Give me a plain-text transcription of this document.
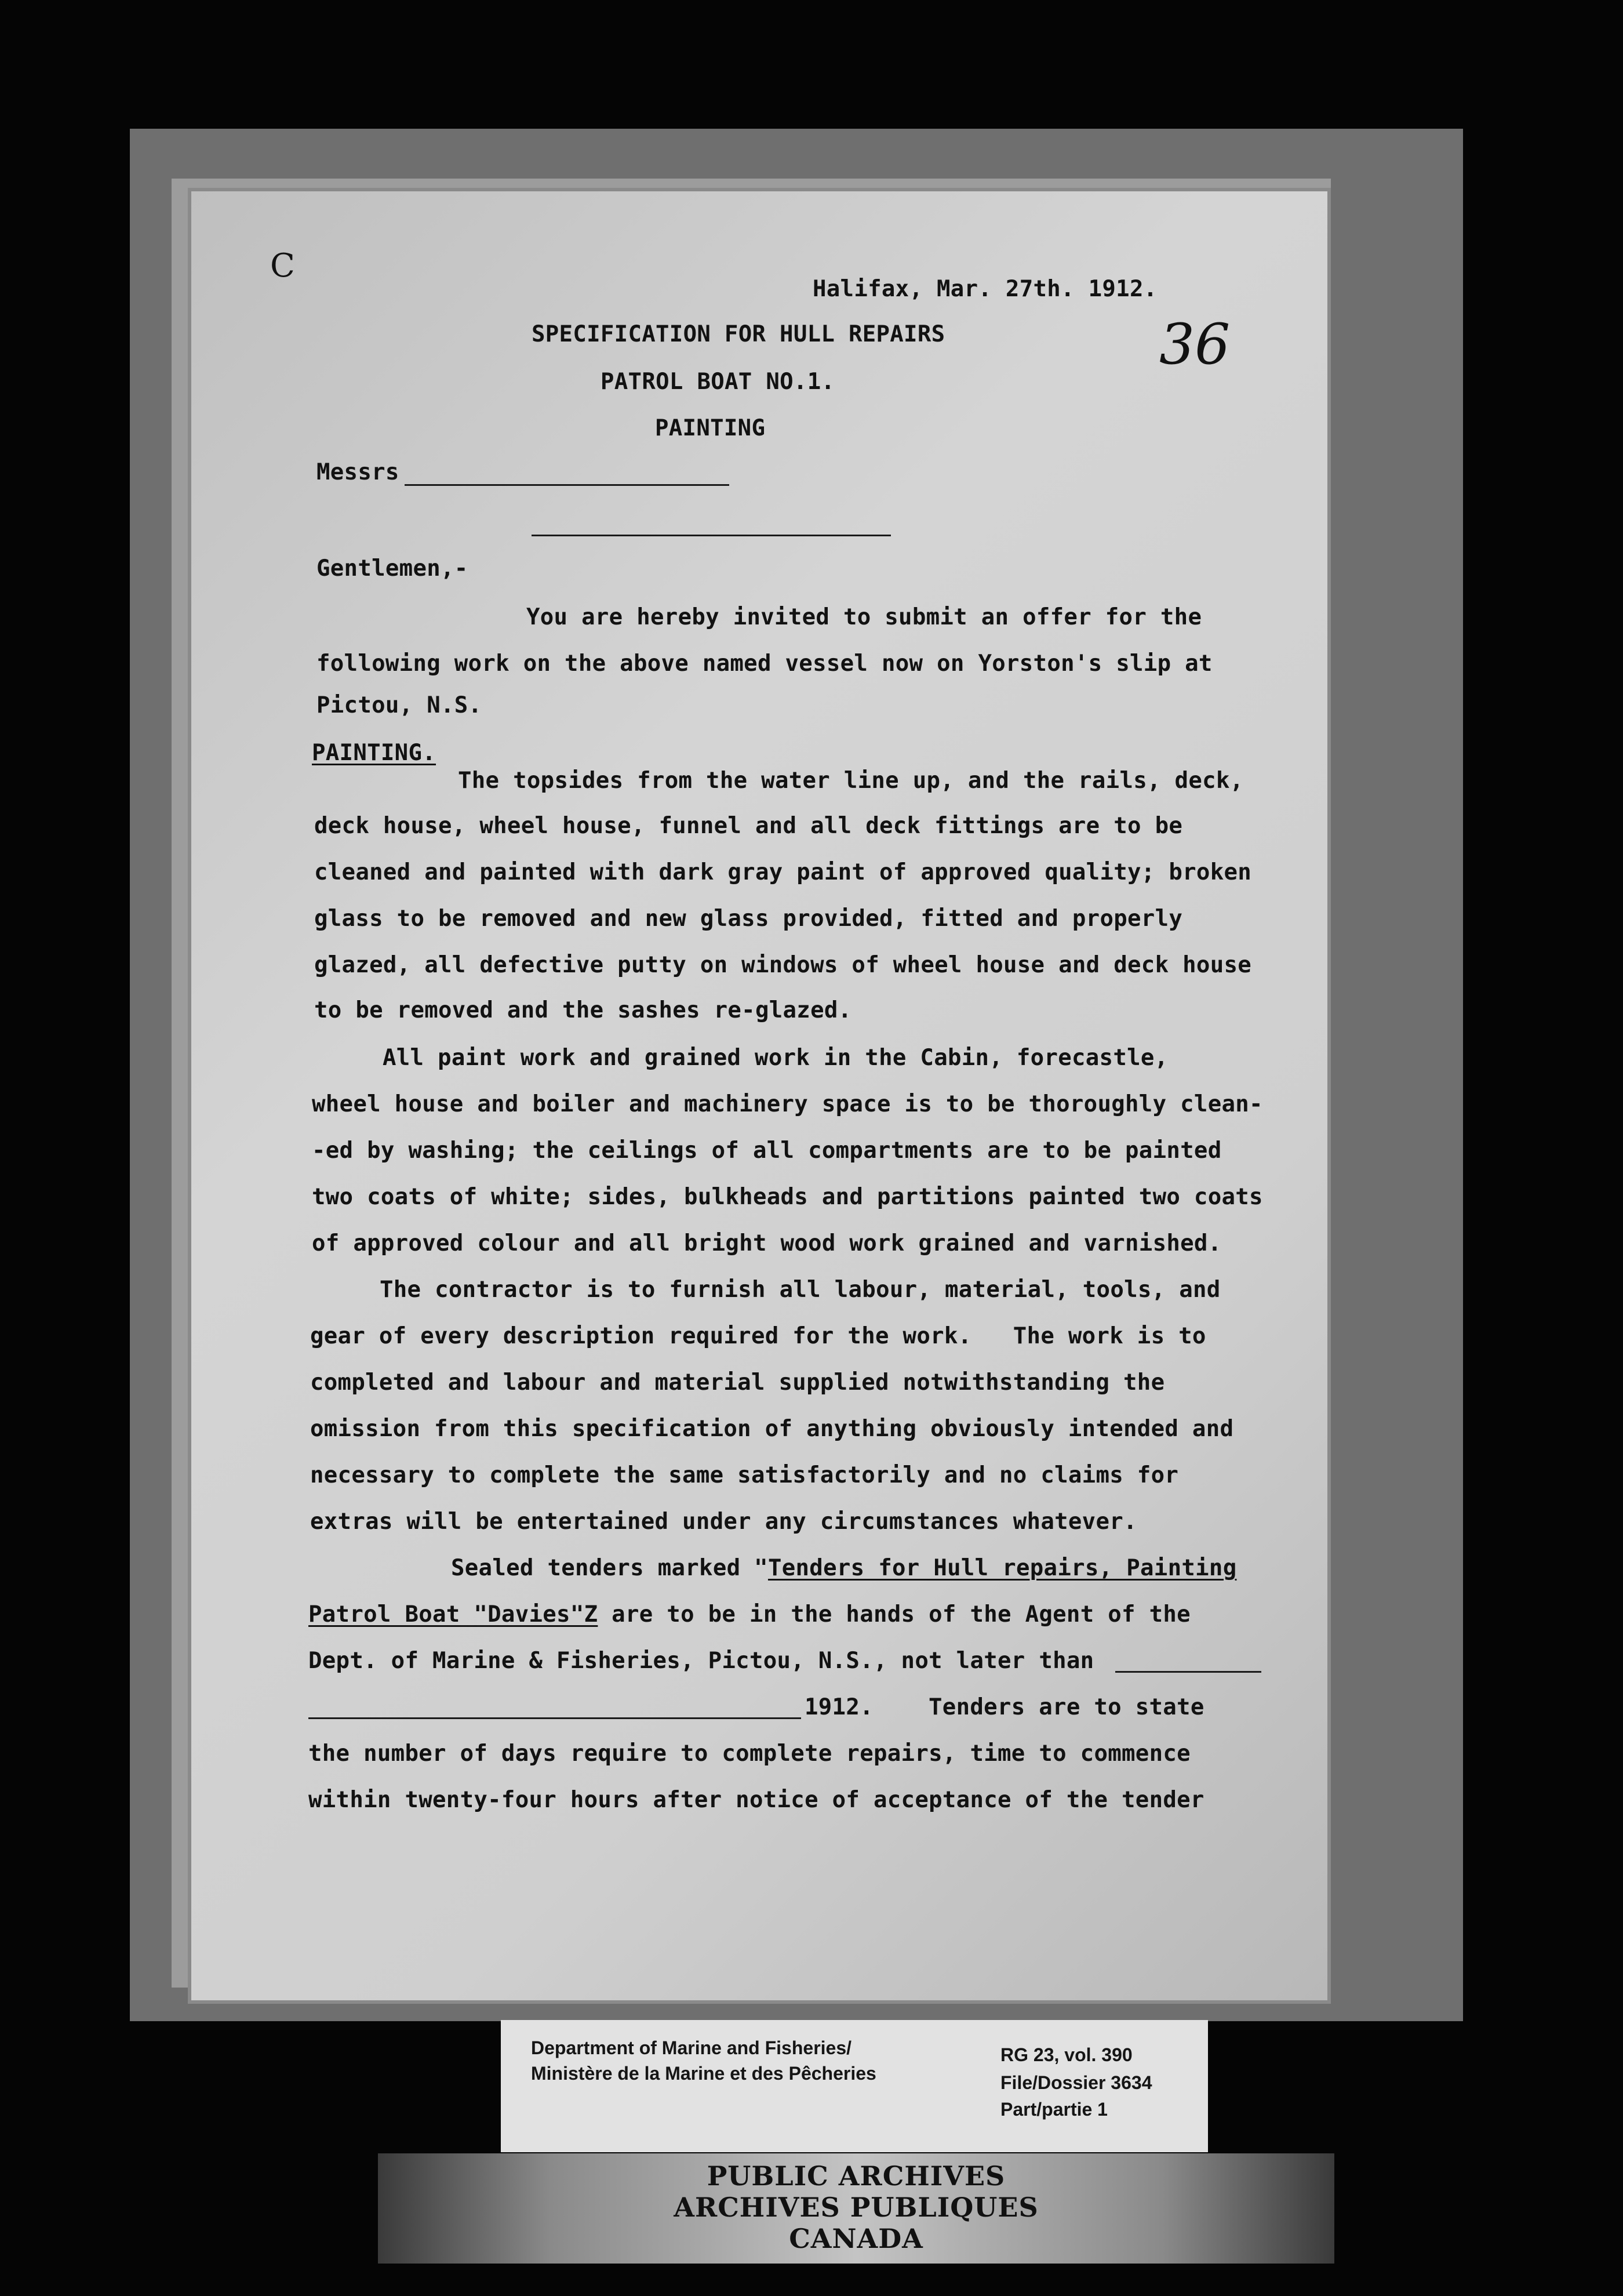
C
Halifax, Mar. 27th. 1912.
36
SPECIFICATION FOR HULL REPAIRS
PATROL BOAT NO.1.
PAINTING
Messrs
Gentlemen,-
You are hereby invited to submit an offer for the
following work on the above named vessel now on Yorston's slip at
Pictou, N.S.
PAINTING.
The topsides from the water line up, and the rails, deck,
deck house, wheel house, funnel and all deck fittings are to be
cleaned and painted with dark gray paint of approved quality; broken
glass to be removed and new glass provided, fitted and properly
glazed, all defective putty on windows of wheel house and deck house
to be removed and the sashes re-glazed.
All paint work and grained work in the Cabin, forecastle,
wheel house and boiler and machinery space is to be thoroughly clean-
-ed by washing; the ceilings of all compartments are to be painted
two coats of white; sides, bulkheads and partitions painted two coats
of approved colour and all bright wood work grained and varnished.
The contractor is to furnish all labour, material, tools, and
gear of every description required for the work.   The work is to
completed and labour and material supplied notwithstanding the
omission from this specification of anything obviously intended and
necessary to complete the same satisfactorily and no claims for
extras will be entertained under any circumstances whatever.
Sealed tenders marked "Tenders for Hull repairs, Painting
Patrol Boat "Davies"Z are to be in the hands of the Agent of the
Dept. of Marine & Fisheries, Pictou, N.S., not later than
1912.    Tenders are to state
the number of days require to complete repairs, time to commence
within twenty-four hours after notice of acceptance of the tender
Department of Marine and Fisheries/
Ministère de la Marine et des Pêcheries
RG 23, vol. 390
File/Dossier 3634
Part/partie 1
PUBLIC ARCHIVES
ARCHIVES PUBLIQUES
CANADA
